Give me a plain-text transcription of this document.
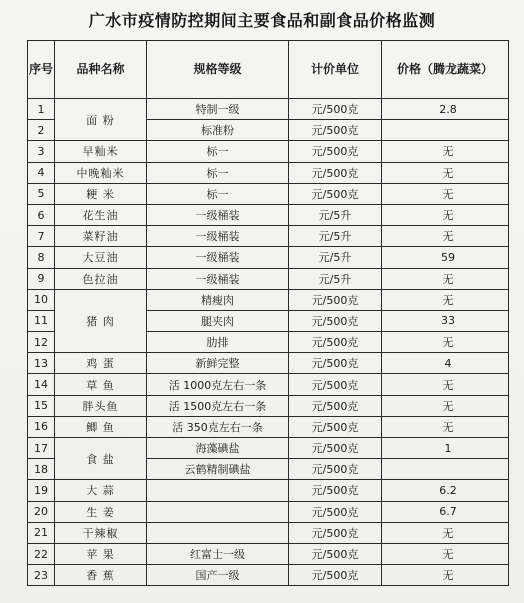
广水市疫情防控期间主要食品和副食品价格监测
序号	品种名称	规格等级	计价单位	价格（腾龙蔬菜）
1	面 粉	特制一级	元/500克	2.8
2		标准粉	元/500克	
3	早籼米	标一	元/500克	无
4	中晚籼米	标一	元/500克	无
5	粳 米	标一	元/500克	无
6	花生油	一级桶装	元/5升	无
7	菜籽油	一级桶装	元/5升	无
8	大豆油	一级桶装	元/5升	59
9	色拉油	一级桶装	元/5升	无
10	猪 肉	精瘦肉	元/500克	无
11		腿夹肉	元/500克	33
12		肋排	元/500克	无
13	鸡 蛋	新鲜完整	元/500克	4
14	草 鱼	活 1000克左右一条	元/500克	无
15	胖头鱼	活 1500克左右一条	元/500克	无
16	鲫 鱼	活 350克左右一条	元/500克	无
17	食 盐	海藻碘盐	元/500克	1
18		云鹤精制碘盐	元/500克	
19	大 蒜		元/500克	6.2
20	生 姜		元/500克	6.7
21	干辣椒		元/500克	无
22	苹 果	红富士一级	元/500克	无
23	香 蕉	国产一级	元/500克	无
